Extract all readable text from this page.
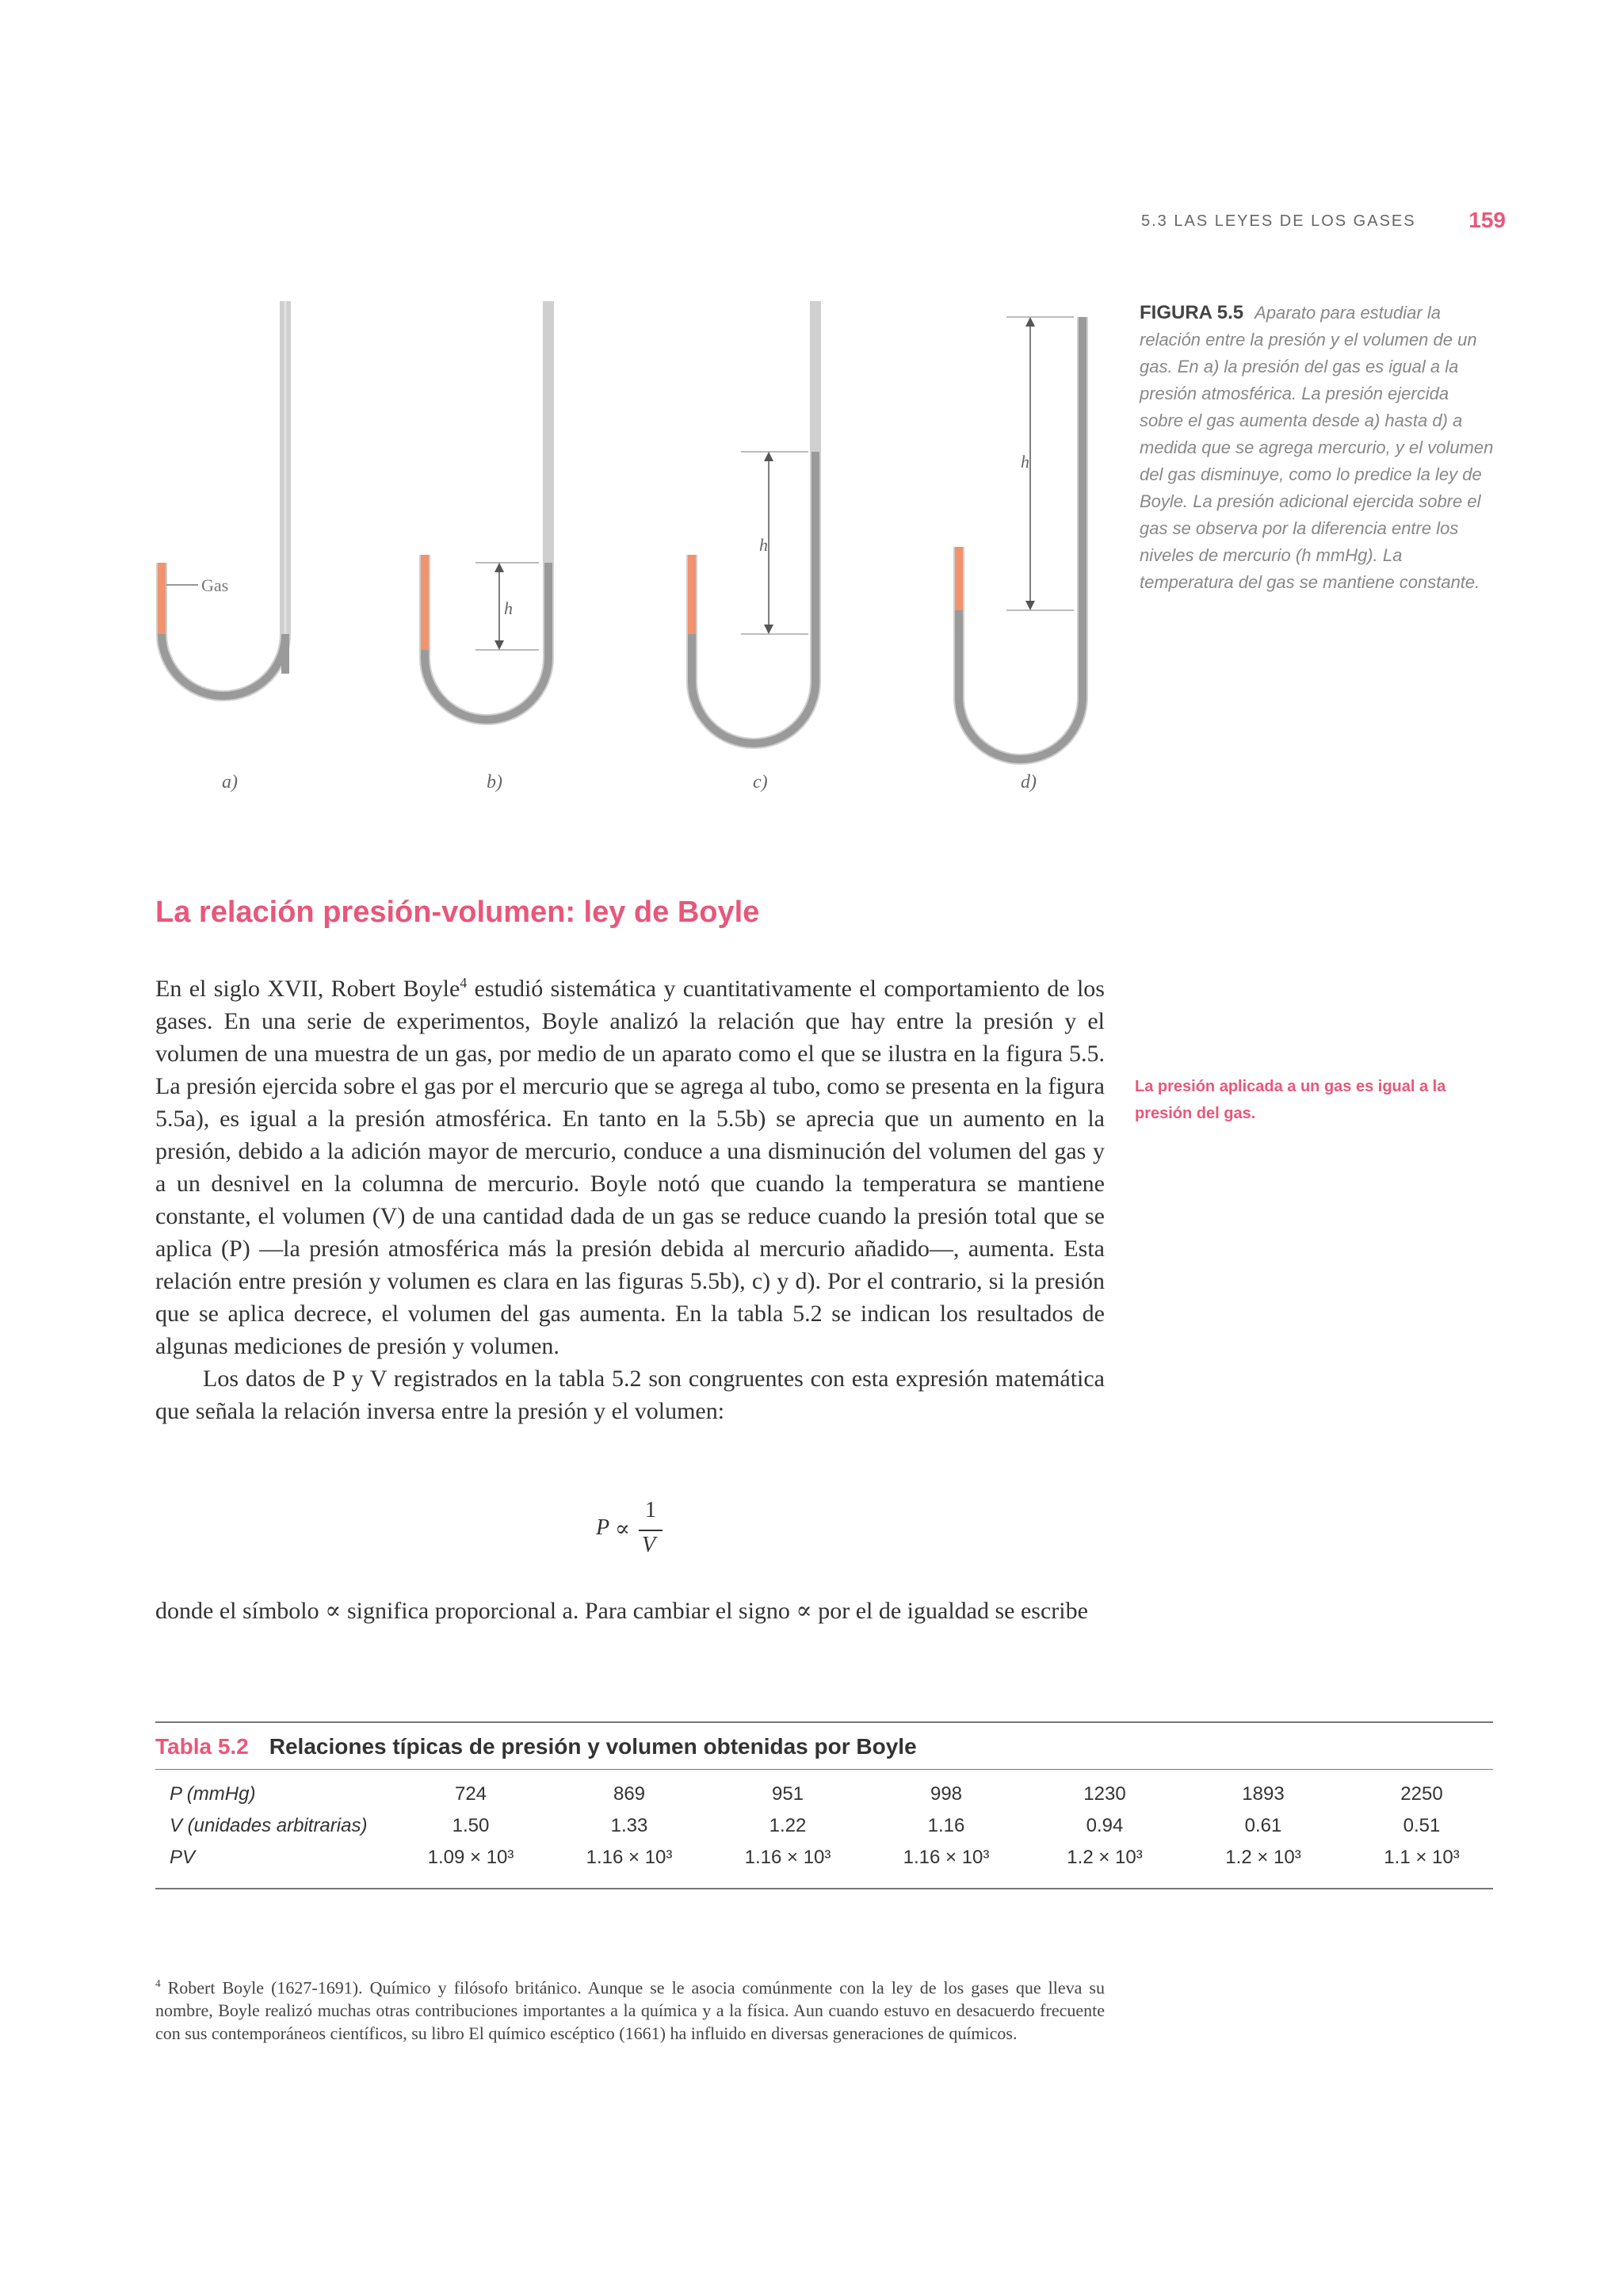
5.3 LAS LEYES DE LOS GASES 159
Gas
h
h
h
a)	b)	c)	d)
FIGURA 5.5 Aparato para estudiar la relación entre la presión y el volumen de un gas. En a) la presión del gas es igual a la presión atmosférica. La presión ejercida sobre el gas aumenta desde a) hasta d) a medida que se agrega mercurio, y el volumen del gas disminuye, como lo predice la ley de Boyle. La presión adicional ejercida sobre el gas se observa por la diferencia entre los niveles de mercurio (h mmHg). La temperatura del gas se mantiene constante.
La relación presión-volumen: ley de Boyle

En el siglo XVII, Robert Boyle$^4$ estudió sistemática y cuantitativamente el comportamiento de los gases. En una serie de experimentos, Boyle analizó la relación que hay entre la presión y el volumen de una muestra de un gas, por medio de un aparato como el que se ilustra en la figura 5.5. La presión ejercida sobre el gas por el mercurio que se agrega al tubo, como se presenta en la figura 5.5a), es igual a la presión atmosférica. En tanto en la 5.5b) se aprecia que un aumento en la presión, debido a la adición mayor de mercurio, conduce a una disminución del volumen del gas y a un desnivel en la columna de mercurio. Boyle notó que cuando la temperatura se mantiene constante, el volumen (V) de una cantidad dada de un gas se reduce cuando la presión total que se aplica (P) —la presión atmosférica más la presión debida al mercurio añadido—, aumenta. Esta relación entre presión y volumen es clara en las figuras 5.5b), c) y d). Por el contrario, si la presión que se aplica decrece, el volumen del gas aumenta. En la tabla 5.2 se indican los resultados de algunas mediciones de presión y volumen.

Los datos de P y V registrados en la tabla 5.2 son congruentes con esta expresión matemática que señala la relación inversa entre la presión y el volumen:

La presión aplicada a un gas es igual a la presión del gas.
P ∝
1
V
donde el símbolo ∝ significa proporcional a. Para cambiar el signo ∝ por el de igualdad se escribe
Tabla 5.2 Relaciones típicas de presión y volumen obtenidas por Boyle
P (mmHg)	724	869	951	998	1230	1893	2250
V (unidades arbitrarias)	1.50	1.33	1.22	1.16	0.94	0.61	0.51
PV	1.09 × 10³	1.16 × 10³	1.16 × 10³	1.16 × 10³	1.2 × 10³	1.2 × 10³	1.1 × 10³
$^4$ Robert Boyle (1627-1691). Químico y filósofo británico. Aunque se le asocia comúnmente con la ley de los gases que lleva su nombre, Boyle realizó muchas otras contribuciones importantes a la química y a la física. Aun cuando estuvo en desacuerdo frecuente con sus contemporáneos científicos, su libro El químico escéptico (1661) ha influido en diversas generaciones de químicos.
